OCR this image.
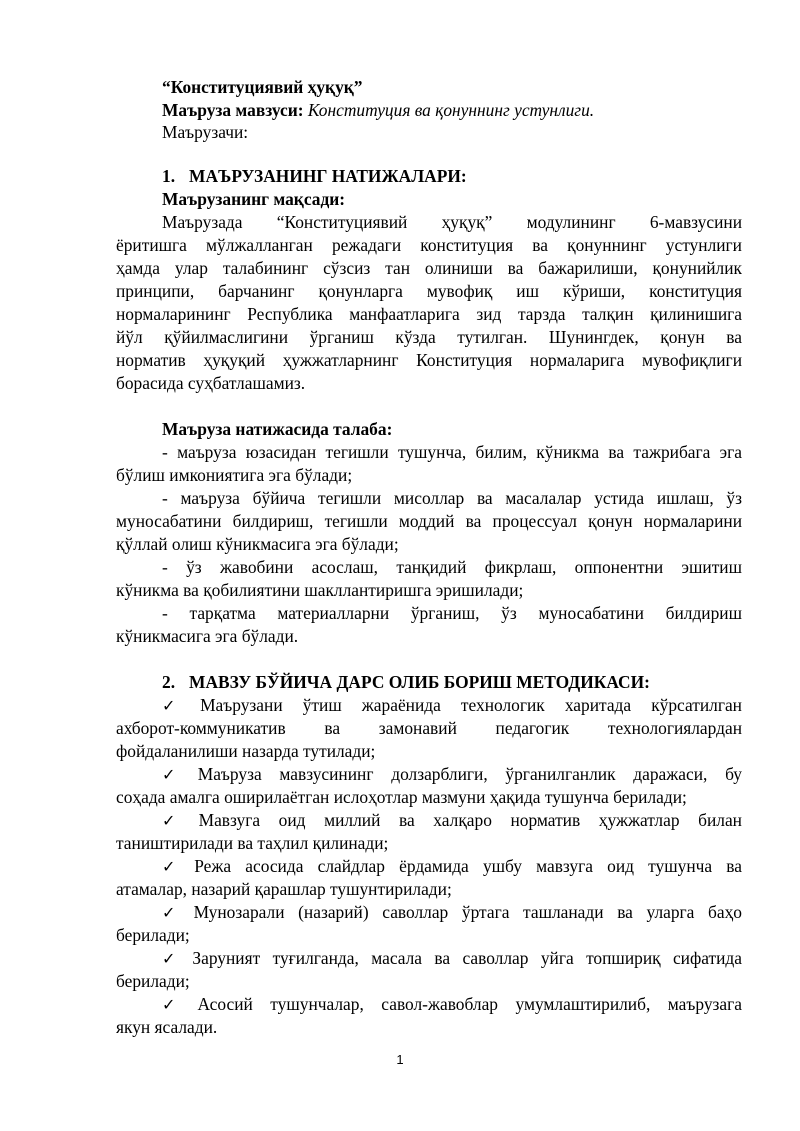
“Конституциявий ҳуқуқ”
Маъруза мавзуси: Конституция ва қонуннинг устунлиги.
Маърузачи:
1. МАЪРУЗАНИНГ НАТИЖАЛАРИ:
Маърузанинг мақсади:
Маърузада “Конституциявий ҳуқуқ” модулининг 6-мавзусини
ёритишга мўлжалланган режадаги конституция ва қонуннинг устунлиги
ҳамда улар талабининг сўзсиз тан олиниши ва бажарилиши, қонунийлик
принципи, барчанинг қонунларга мувофиқ иш кўриши, конституция
нормаларининг Республика манфаатларига зид тарзда талқин қилинишига
йўл қўйилмаслигини ўрганиш кўзда тутилган. Шунингдек, қонун ва
норматив ҳуқуқий ҳужжатларнинг Конституция нормаларига мувофиқлиги
борасида суҳбатлашамиз.
Маъруза натижасида талаба:
- маъруза юзасидан тегишли тушунча, билим, кўникма ва тажрибага эга
бўлиш имкониятига эга бўлади;
- маъруза бўйича тегишли мисоллар ва масалалар устида ишлаш, ўз
муносабатини билдириш, тегишли моддий ва процессуал қонун нормаларини
қўллай олиш кўникмасига эга бўлади;
- ўз жавобини асослаш, танқидий фикрлаш, оппонентни эшитиш
кўникма ва қобилиятини шакллантиришга эришилади;
- тарқатма материалларни ўрганиш, ўз муносабатини билдириш
кўникмасига эга бўлади.
2. МАВЗУ БЎЙИЧА ДАРС ОЛИБ БОРИШ МЕТОДИКАСИ:
✓ Маърузани ўтиш жараёнида технологик харитада кўрсатилган
ахборот-коммуникатив ва замонавий педагогик технологиялардан
фойдаланилиши назарда тутилади;
✓ Маъруза мавзусининг долзарблиги, ўрганилганлик даражаси, бу
соҳада амалга оширилаётган ислоҳотлар мазмуни ҳақида тушунча берилади;
✓ Мавзуга оид миллий ва халқаро норматив ҳужжатлар билан
таништирилади ва таҳлил қилинади;
✓ Режа асосида слайдлар ёрдамида ушбу мавзуга оид тушунча ва
атамалар, назарий қарашлар тушунтирилади;
✓ Мунозарали (назарий) саволлар ўртага ташланади ва уларга баҳо
берилади;
✓ Заруният туғилганда, масала ва саволлар уйга топшириқ сифатида
берилади;
✓ Асосий тушунчалар, савол-жавоблар умумлаштирилиб, маърузага
якун ясалади.
1
